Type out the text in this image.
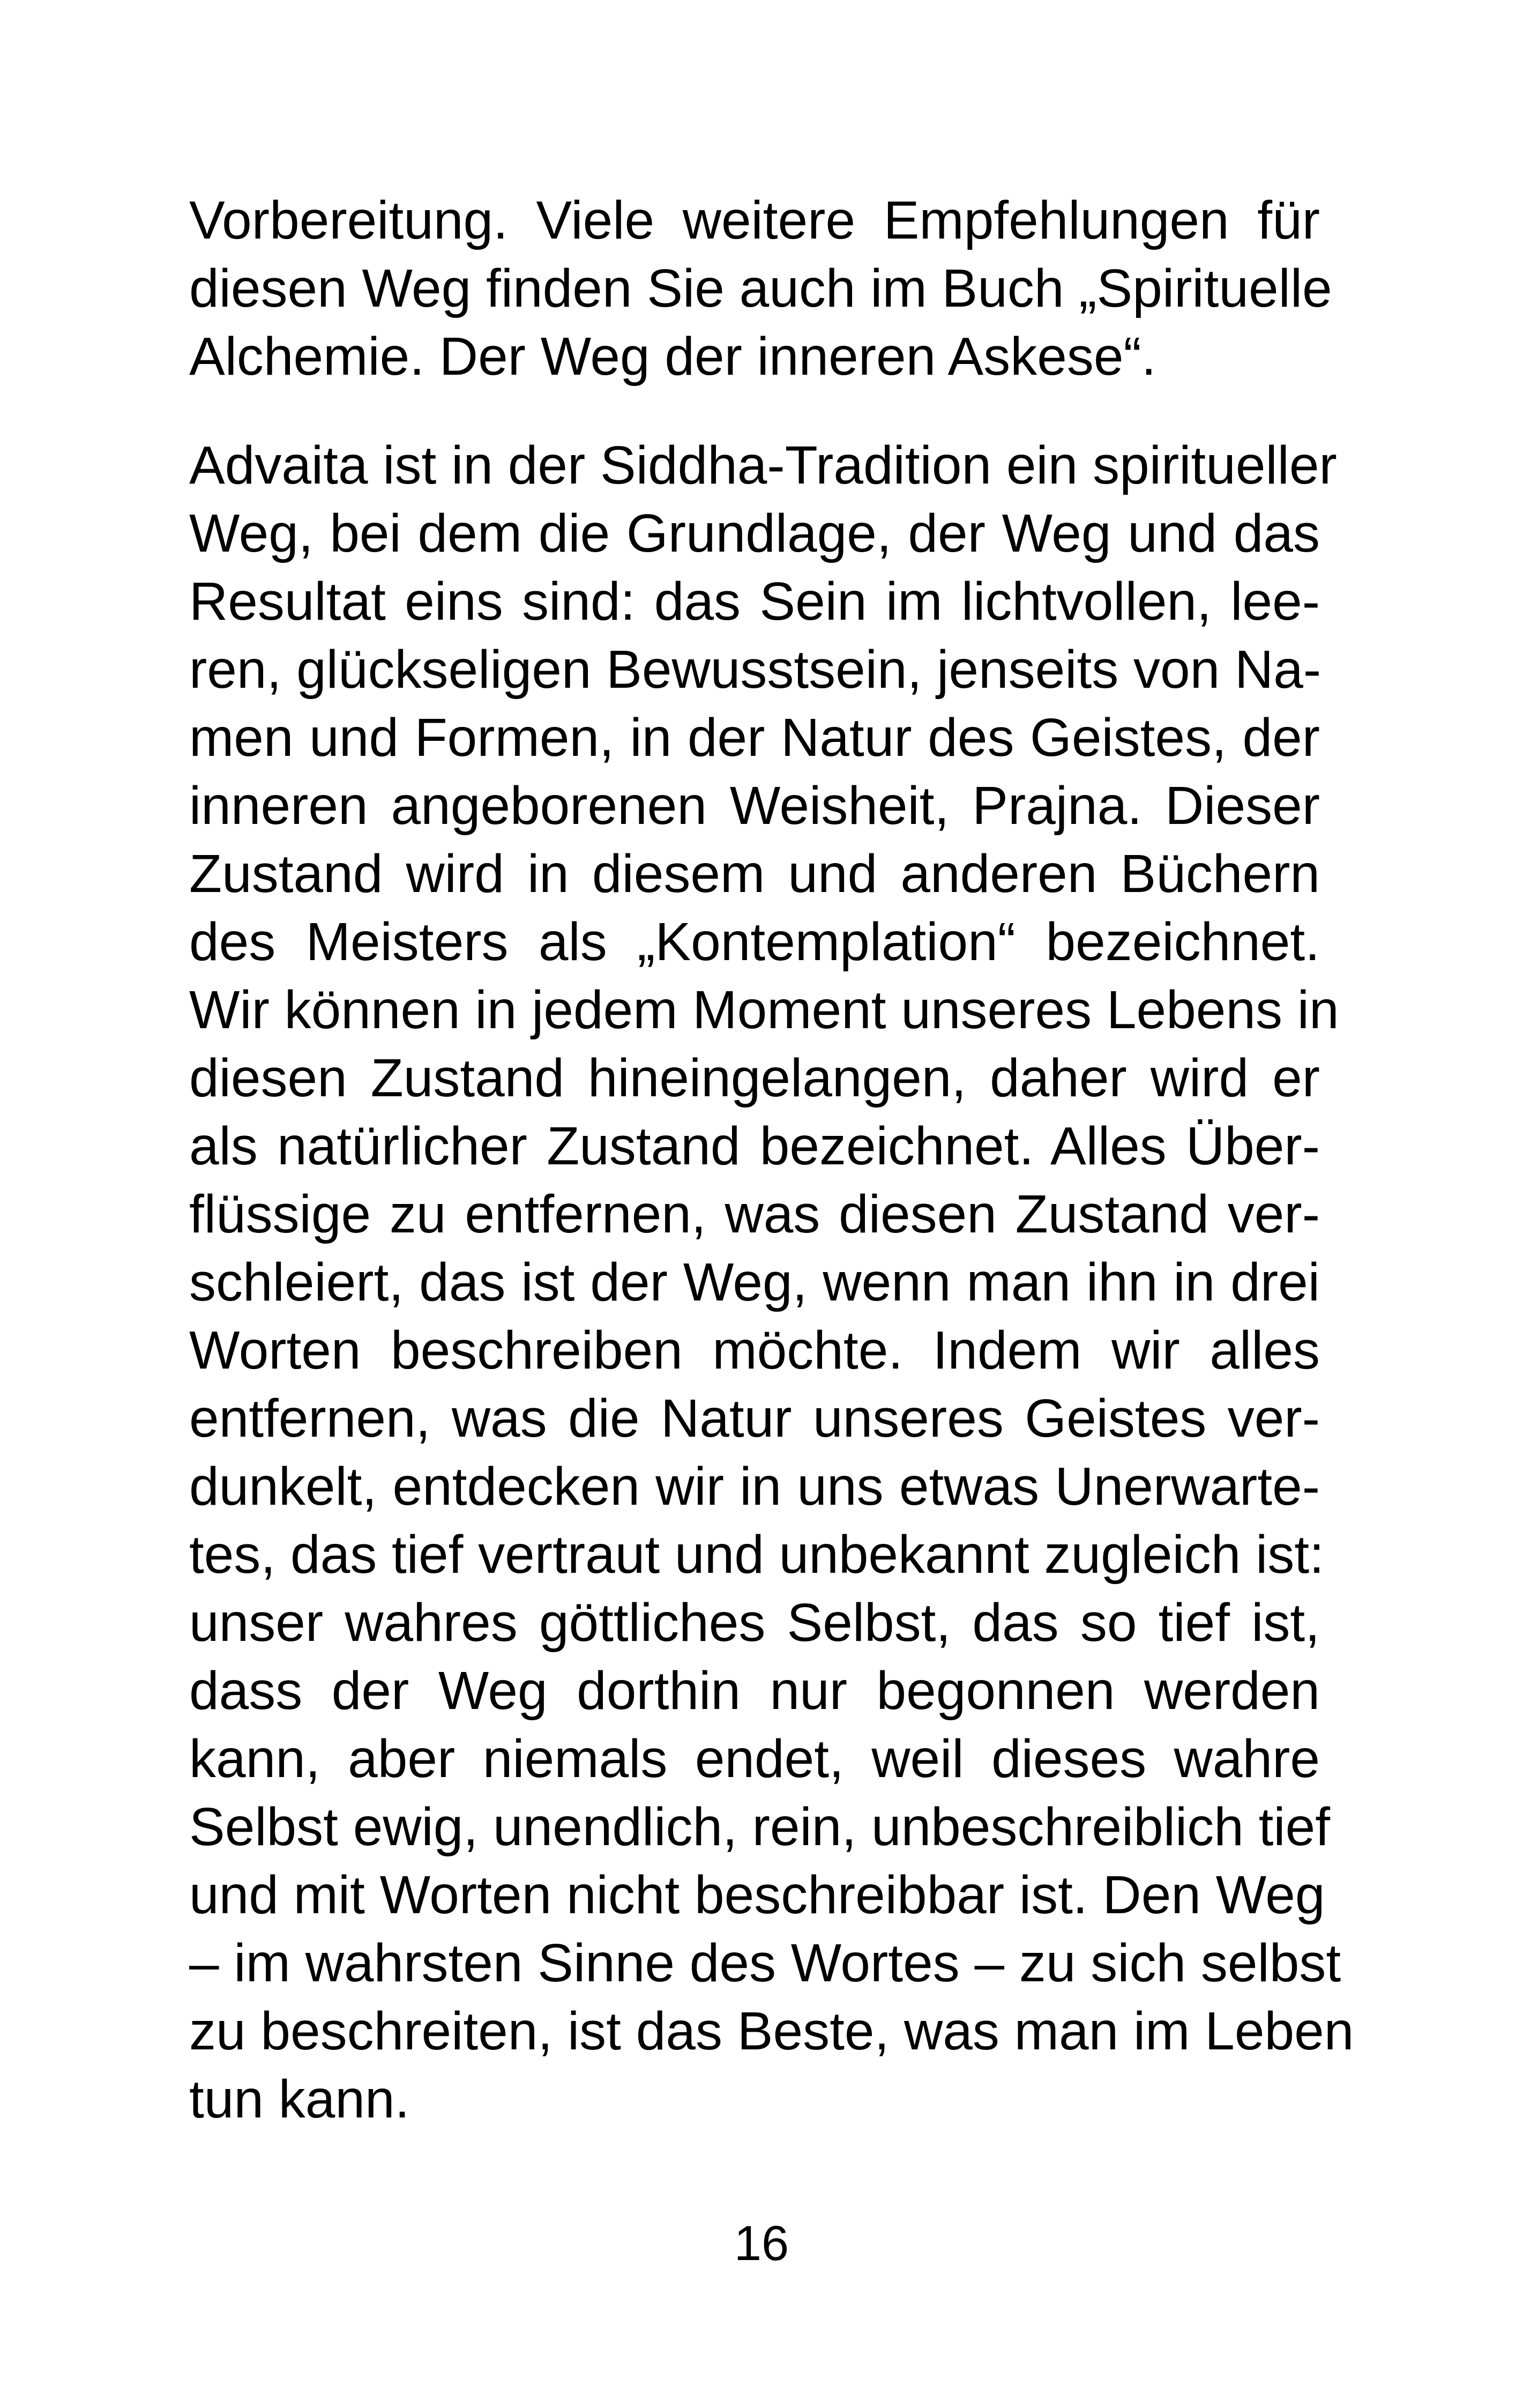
Vorbereitung. Viele weitere Empfehlungen für
diesen Weg finden Sie auch im Buch „Spirituelle
Alchemie. Der Weg der inneren Askese“.
Advaita ist in der Siddha-Tradition ein spiritueller
Weg, bei dem die Grundlage, der Weg und das
Resultat eins sind: das Sein im lichtvollen, lee-
ren, glückseligen Bewusstsein, jenseits von Na-
men und Formen, in der Natur des Geistes, der
inneren angeborenen Weisheit, Prajna. Dieser
Zustand wird in diesem und anderen Büchern
des Meisters als „Kontemplation“ bezeichnet.
Wir können in jedem Moment unseres Lebens in
diesen Zustand hineingelangen, daher wird er
als natürlicher Zustand bezeichnet. Alles Über-
flüssige zu entfernen, was diesen Zustand ver-
schleiert, das ist der Weg, wenn man ihn in drei
Worten beschreiben möchte. Indem wir alles
entfernen, was die Natur unseres Geistes ver-
dunkelt, entdecken wir in uns etwas Unerwarte-
tes, das tief vertraut und unbekannt zugleich ist:
unser wahres göttliches Selbst, das so tief ist,
dass der Weg dorthin nur begonnen werden
kann, aber niemals endet, weil dieses wahre
Selbst ewig, unendlich, rein, unbeschreiblich tief
und mit Worten nicht beschreibbar ist. Den Weg
– im wahrsten Sinne des Wortes – zu sich selbst
zu beschreiten, ist das Beste, was man im Leben
tun kann.
16
